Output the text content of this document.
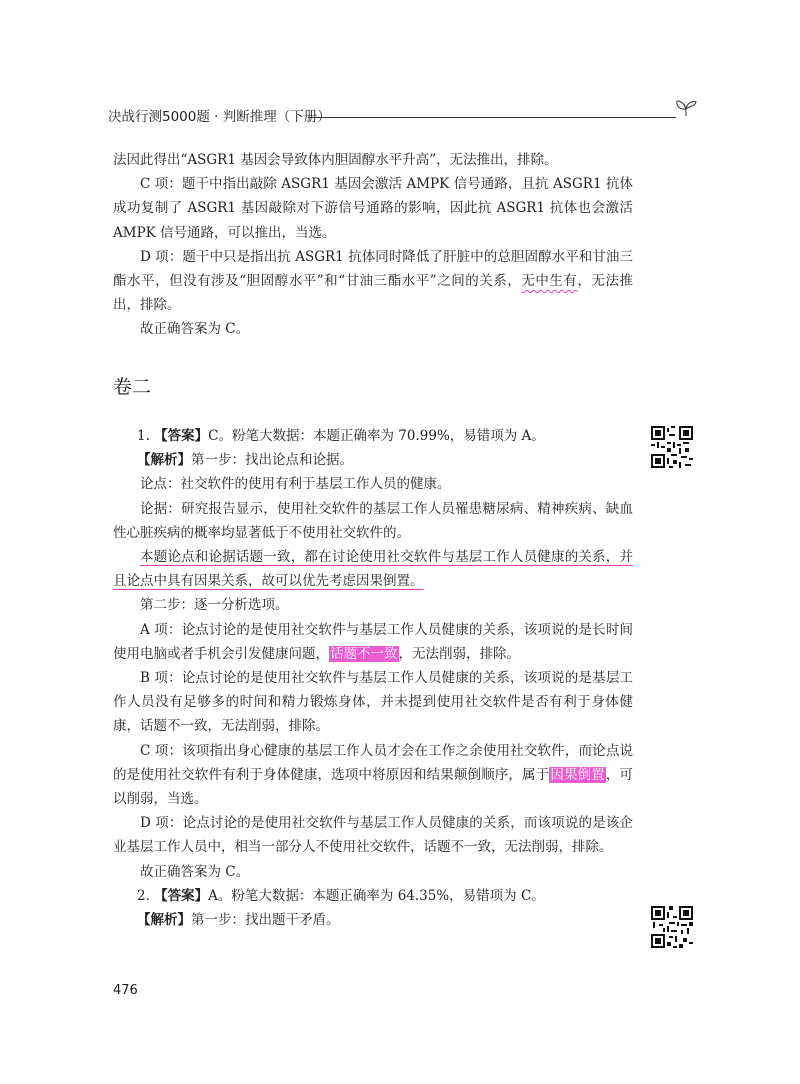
决战行测5000题 · 判断推理（下册）

法因此得出“ASGR1 基因会导致体内胆固醇水平升高”，无法推出，排除。

C 项：题干中指出敲除 ASGR1 基因会激活 AMPK 信号通路，且抗 ASGR1 抗体成功复制了 ASGR1 基因敲除对下游信号通路的影响，因此抗 ASGR1 抗体也会激活 AMPK 信号通路，可以推出，当选。

D 项：题干中只是指出抗 ASGR1 抗体同时降低了肝脏中的总胆固醇水平和甘油三酯水平，但没有涉及“胆固醇水平”和“甘油三酯水平”之间的关系，无中生有，无法推出，排除。

故正确答案为 C。

卷二

1. 【答案】C。粉笔大数据：本题正确率为 70.99%，易错项为 A。

【解析】第一步：找出论点和论据。

论点：社交软件的使用有利于基层工作人员的健康。

论据：研究报告显示，使用社交软件的基层工作人员罹患糖尿病、精神疾病、缺血性心脏疾病的概率均显著低于不使用社交软件的。

本题论点和论据话题一致，都在讨论使用社交软件与基层工作人员健康的关系，并且论点中具有因果关系，故可以优先考虑因果倒置。

第二步：逐一分析选项。

A 项：论点讨论的是使用社交软件与基层工作人员健康的关系，该项说的是长时间使用电脑或者手机会引发健康问题，话题不一致，无法削弱，排除。

B 项：论点讨论的是使用社交软件与基层工作人员健康的关系，该项说的是基层工作人员没有足够多的时间和精力锻炼身体，并未提到使用社交软件是否有利于身体健康，话题不一致，无法削弱，排除。

C 项：该项指出身心健康的基层工作人员才会在工作之余使用社交软件，而论点说的是使用社交软件有利于身体健康，选项中将原因和结果颠倒顺序，属于因果倒置，可以削弱，当选。

D 项：论点讨论的是使用社交软件与基层工作人员健康的关系，而该项说的是该企业基层工作人员中，相当一部分人不使用社交软件，话题不一致，无法削弱，排除。

故正确答案为 C。

2. 【答案】A。粉笔大数据：本题正确率为 64.35%，易错项为 C。

【解析】第一步：找出题干矛盾。

476
